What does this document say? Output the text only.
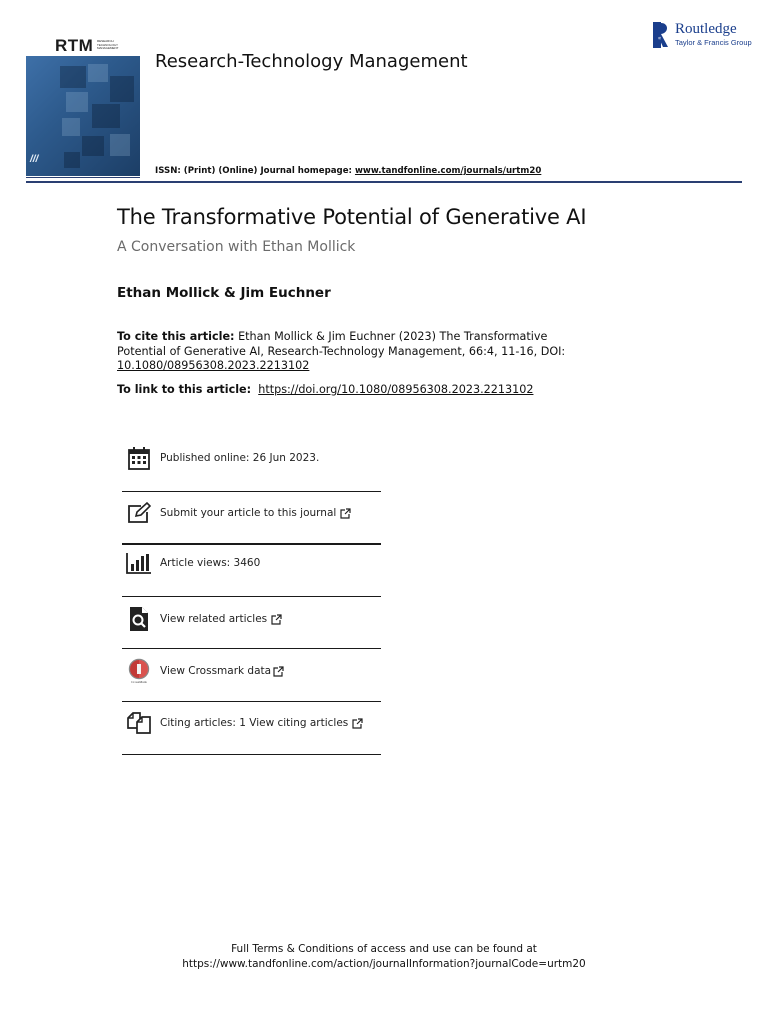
RTM RESEARCH
TECHNOLOGY
MANAGEMENT
///
Research-Technology Management
R
Routledge
Taylor & Francis Group
ISSN: (Print) (Online) Journal homepage: www.tandfonline.com/journals/urtm20
The Transformative Potential of Generative AI
A Conversation with Ethan Mollick
Ethan Mollick & Jim Euchner
To cite this article: Ethan Mollick & Jim Euchner (2023) The Transformative Potential of Generative AI, Research-Technology Management, 66:4, 11-16, DOI:
10.1080/08956308.2023.2213102
To link to this article: https://doi.org/10.1080/08956308.2023.2213102
Published online: 26 Jun 2023.
Submit your article to this journal
Article views: 3460
View related articles
CrossMark
View Crossmark data
Citing articles: 1 View citing articles
Full Terms & Conditions of access and use can be found at
https://www.tandfonline.com/action/journalInformation?journalCode=urtm20
